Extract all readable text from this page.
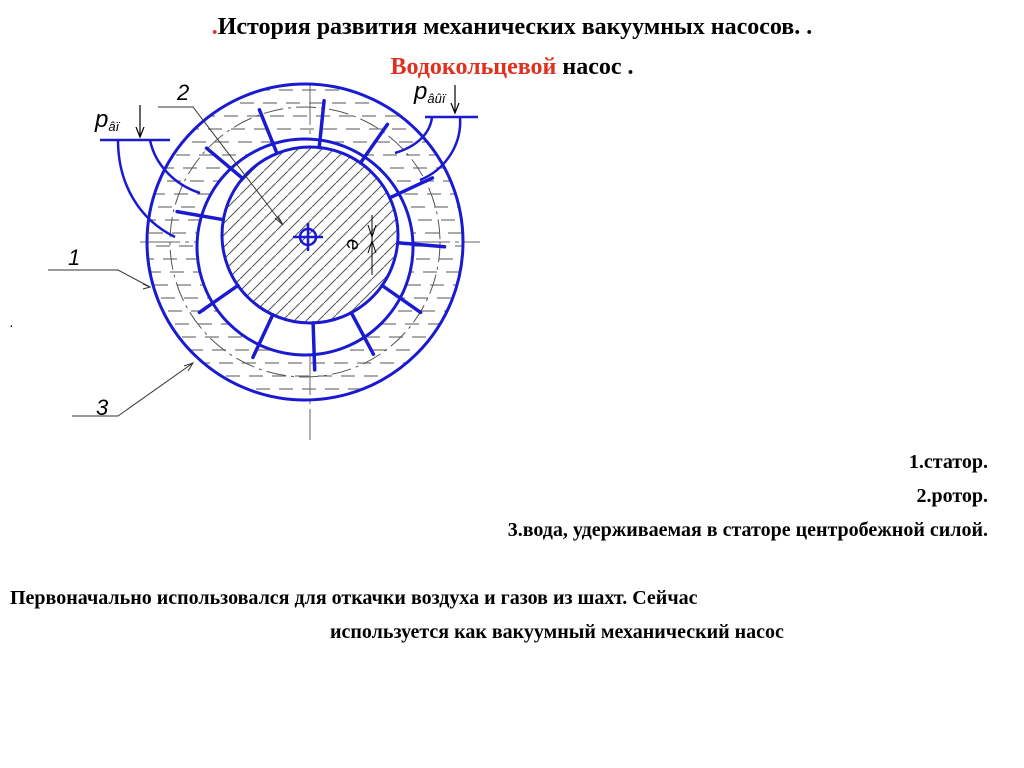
.История развития механических вакуумных насосов. .
Водокольцевой насос .
1
2
3
e
pâï
pâûï
.
1.статор.
2.ротор.
3.вода, удерживаемая в статоре центробежной силой.
Первоначально использовался для откачки воздуха и газов из шахт. Сейчас
используется как вакуумный механический насос
